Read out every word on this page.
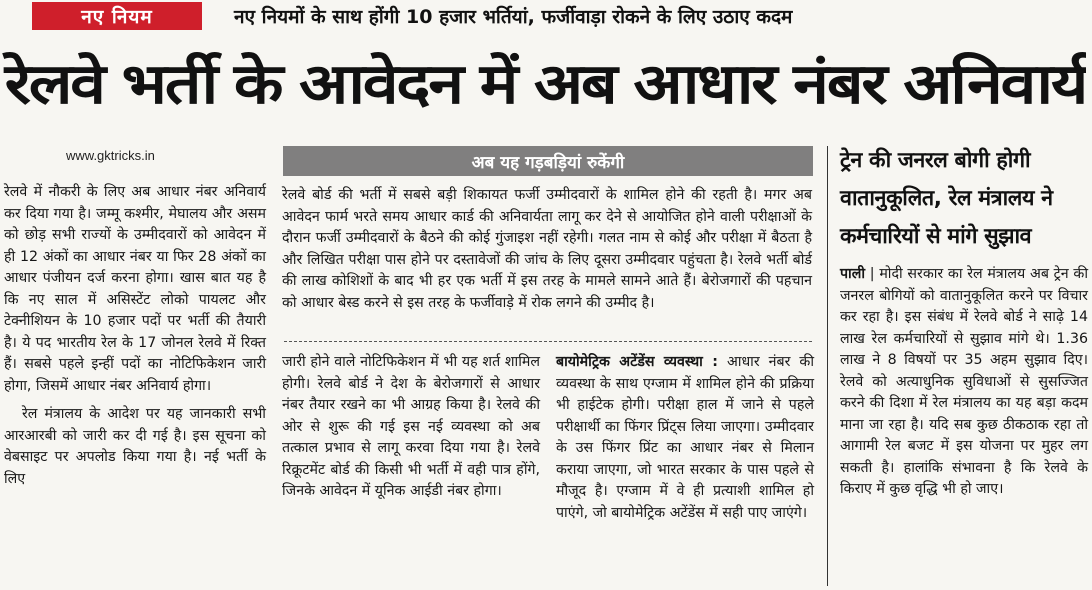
नए नियम	नए नियमों के साथ होंगी 10 हजार भर्तियां, फर्जीवाड़ा रोकने के लिए उठाए कदम
रेलवे भर्ती के आवेदन में अब आधार नंबर अनिवार्य
www.gktricks.in
रेलवे में नौकरी के लिए अब आधार नंबर अनिवार्य कर दिया गया है। जम्मू कश्मीर, मेघालय और असम को छोड़ सभी राज्यों के उम्मीदवारों को आवेदन में ही 12 अंकों का आधार नंबर या फिर 28 अंकों का आधार पंजीयन दर्ज करना होगा। खास बात यह है कि नए साल में असिस्टेंट लोको पायलट और टेक्नीशियन के 10 हजार पदों पर भर्ती की तैयारी है। ये पद भारतीय रेल के 17 जोनल रेलवे में रिक्त हैं। सबसे पहले इन्हीं पदों का नोटिफिकेशन जारी होगा, जिसमें आधार नंबर अनिवार्य होगा।
रेल मंत्रालय के आदेश पर यह जानकारी सभी आरआरबी को जारी कर दी गई है। इस सूचना को वेबसाइट पर अपलोड किया गया है। नई भर्ती के लिए
अब यह गड़बड़ियां रुकेंगी
रेलवे बोर्ड की भर्ती में सबसे बड़ी शिकायत फर्जी उम्मीदवारों के शामिल होने की रहती है। मगर अब आवेदन फार्म भरते समय आधार कार्ड की अनिवार्यता लागू कर देने से आयोजित होने वाली परीक्षाओं के दौरान फर्जी उम्मीदवारों के बैठने की कोई गुंजाइश नहीं रहेगी। गलत नाम से कोई और परीक्षा में बैठता है और लिखित परीक्षा पास होने पर दस्तावेजों की जांच के लिए दूसरा उम्मीदवार पहुंचता है। रेलवे भर्ती बोर्ड की लाख कोशिशों के बाद भी हर एक भर्ती में इस तरह के मामले सामने आते हैं। बेरोजगारों की पहचान को आधार बेस्ड करने से इस तरह के फर्जीवाड़े में रोक लगने की उम्मीद है।
जारी होने वाले नोटिफिकेशन में भी यह शर्त शामिल होगी। रेलवे बोर्ड ने देश के बेरोजगारों से आधार नंबर तैयार रखने का भी आग्रह किया है। रेलवे की ओर से शुरू की गई इस नई व्यवस्था को अब तत्काल प्रभाव से लागू करवा दिया गया है। रेलवे रिक्रूटमेंट बोर्ड की किसी भी भर्ती में वही पात्र होंगे, जिनके आवेदन में यूनिक आईडी नंबर होगा।
बायोमेट्रिक अटेंडेंस व्यवस्था : आधार नंबर की व्यवस्था के साथ एग्जाम में शामिल होने की प्रक्रिया भी हाईटेक होगी। परीक्षा हाल में जाने से पहले परीक्षार्थी का फिंगर प्रिंट्स लिया जाएगा। उम्मीदवार के उस फिंगर प्रिंट का आधार नंबर से मिलान कराया जाएगा, जो भारत सरकार के पास पहले से मौजूद है। एग्जाम में वे ही प्रत्याशी शामिल हो पाएंगे, जो बायोमेट्रिक अटेंडेंस में सही पाए जाएंगे।
ट्रेन की जनरल बोगी होगी वातानुकूलित, रेल मंत्रालय ने कर्मचारियों से मांगे सुझाव
पाली | मोदी सरकार का रेल मंत्रालय अब ट्रेन की जनरल बोगियों को वातानुकूलित करने पर विचार कर रहा है। इस संबंध में रेलवे बोर्ड ने साढ़े 14 लाख रेल कर्मचारियों से सुझाव मांगे थे। 1.36 लाख ने 8 विषयों पर 35 अहम सुझाव दिए। रेलवे को अत्याधुनिक सुविधाओं से सुसज्जित करने की दिशा में रेल मंत्रालय का यह बड़ा कदम माना जा रहा है। यदि सब कुछ ठीकठाक रहा तो आगामी रेल बजट में इस योजना पर मुहर लग सकती है। हालांकि संभावना है कि रेलवे के किराए में कुछ वृद्धि भी हो जाए।
